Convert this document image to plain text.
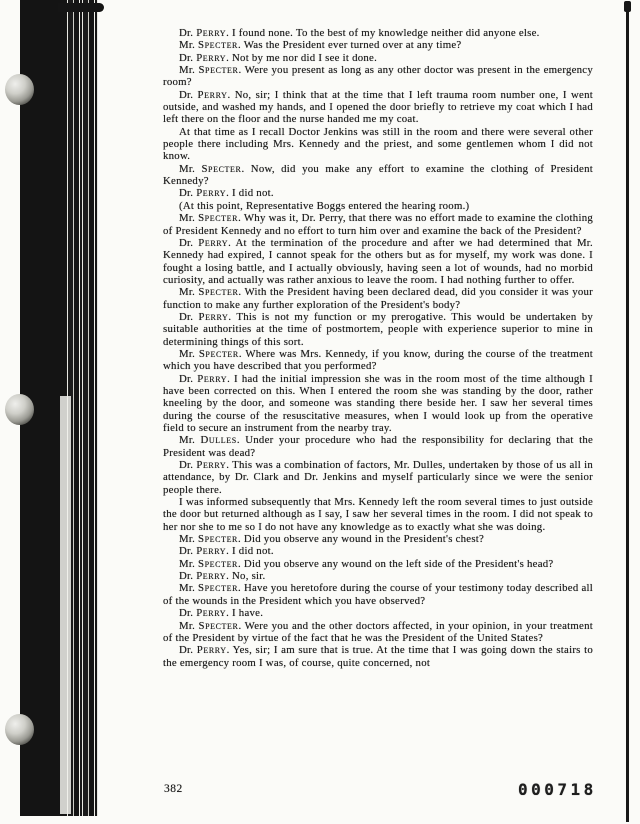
Dr. Perry. I found none. To the best of my knowledge neither did anyone else.

Mr. Specter. Was the President ever turned over at any time?

Dr. Perry. Not by me nor did I see it done.

Mr. Specter. Were you present as long as any other doctor was present in the emergency room?

Dr. Perry. No, sir; I think that at the time that I left trauma room number one, I went outside, and washed my hands, and I opened the door briefly to retrieve my coat which I had left there on the floor and the nurse handed me my coat.

At that time as I recall Doctor Jenkins was still in the room and there were several other people there including Mrs. Kennedy and the priest, and some gentlemen whom I did not know.

Mr. Specter. Now, did you make any effort to examine the clothing of President Kennedy?

Dr. Perry. I did not.

(At this point, Representative Boggs entered the hearing room.)

Mr. Specter. Why was it, Dr. Perry, that there was no effort made to examine the clothing of President Kennedy and no effort to turn him over and examine the back of the President?

Dr. Perry. At the termination of the procedure and after we had determined that Mr. Kennedy had expired, I cannot speak for the others but as for myself, my work was done. I fought a losing battle, and I actually obviously, having seen a lot of wounds, had no morbid curiosity, and actually was rather anxious to leave the room. I had nothing further to offer.

Mr. Specter. With the President having been declared dead, did you consider it was your function to make any further exploration of the President's body?

Dr. Perry. This is not my function or my prerogative. This would be undertaken by suitable authorities at the time of postmortem, people with experience superior to mine in determining things of this sort.

Mr. Specter. Where was Mrs. Kennedy, if you know, during the course of the treatment which you have described that you performed?

Dr. Perry. I had the initial impression she was in the room most of the time although I have been corrected on this. When I entered the room she was standing by the door, rather kneeling by the door, and someone was standing there beside her. I saw her several times during the course of the resuscitative measures, when I would look up from the operative field to secure an instrument from the nearby tray.

Mr. Dulles. Under your procedure who had the responsibility for declaring that the President was dead?

Dr. Perry. This was a combination of factors, Mr. Dulles, undertaken by those of us all in attendance, by Dr. Clark and Dr. Jenkins and myself particularly since we were the senior people there.

I was informed subsequently that Mrs. Kennedy left the room several times to just outside the door but returned although as I say, I saw her several times in the room. I did not speak to her nor she to me so I do not have any knowledge as to exactly what she was doing.

Mr. Specter. Did you observe any wound in the President's chest?

Dr. Perry. I did not.

Mr. Specter. Did you observe any wound on the left side of the President's head?

Dr. Perry. No, sir.

Mr. Specter. Have you heretofore during the course of your testimony today described all of the wounds in the President which you have observed?

Dr. Perry. I have.

Mr. Specter. Were you and the other doctors affected, in your opinion, in your treatment of the President by virtue of the fact that he was the President of the United States?

Dr. Perry. Yes, sir; I am sure that is true. At the time that I was going down the stairs to the emergency room I was, of course, quite concerned, not

382	000718
